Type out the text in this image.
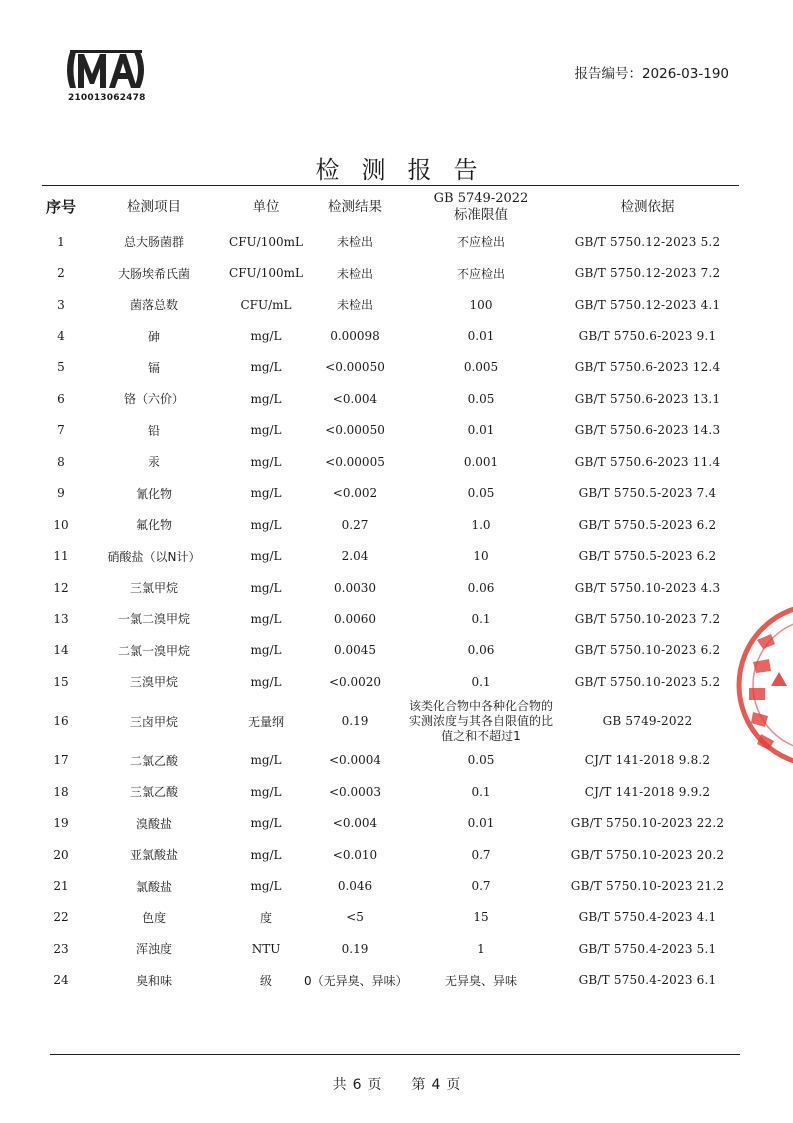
210013062478
报告编号：2026-03-190
检测报告
序号	检测项目	单位	检测结果	GB 5749-2022
标准限值	检测依据
1	总大肠菌群	CFU/100mL	未检出	不应检出	GB/T 5750.12-2023 5.2
2	大肠埃希氏菌	CFU/100mL	未检出	不应检出	GB/T 5750.12-2023 7.2
3	菌落总数	CFU/mL	未检出	100	GB/T 5750.12-2023 4.1
4	砷	mg/L	0.00098	0.01	GB/T 5750.6-2023 9.1
5	镉	mg/L	<0.00050	0.005	GB/T 5750.6-2023 12.4
6	铬（六价）	mg/L	<0.004	0.05	GB/T 5750.6-2023 13.1
7	铅	mg/L	<0.00050	0.01	GB/T 5750.6-2023 14.3
8	汞	mg/L	<0.00005	0.001	GB/T 5750.6-2023 11.4
9	氰化物	mg/L	<0.002	0.05	GB/T 5750.5-2023 7.4
10	氟化物	mg/L	0.27	1.0	GB/T 5750.5-2023 6.2
11	硝酸盐（以N计）	mg/L	2.04	10	GB/T 5750.5-2023 6.2
12	三氯甲烷	mg/L	0.0030	0.06	GB/T 5750.10-2023 4.3
13	一氯二溴甲烷	mg/L	0.0060	0.1	GB/T 5750.10-2023 7.2
14	二氯一溴甲烷	mg/L	0.0045	0.06	GB/T 5750.10-2023 6.2
15	三溴甲烷	mg/L	<0.0020	0.1	GB/T 5750.10-2023 5.2
16	三卤甲烷	无量纲	0.19	该类化合物中各种化合物的实测浓度与其各自限值的比值之和不超过1	GB 5749-2022
17	二氯乙酸	mg/L	<0.0004	0.05	CJ/T 141-2018 9.8.2
18	三氯乙酸	mg/L	<0.0003	0.1	CJ/T 141-2018 9.9.2
19	溴酸盐	mg/L	<0.004	0.01	GB/T 5750.10-2023 22.2
20	亚氯酸盐	mg/L	<0.010	0.7	GB/T 5750.10-2023 20.2
21	氯酸盐	mg/L	0.046	0.7	GB/T 5750.10-2023 21.2
22	色度	度	<5	15	GB/T 5750.4-2023 4.1
23	浑浊度	NTU	0.19	1	GB/T 5750.4-2023 5.1
24	臭和味	级	0（无异臭、异味）	无异臭、异味	GB/T 5750.4-2023 6.1
共 6 页 第 4 页
